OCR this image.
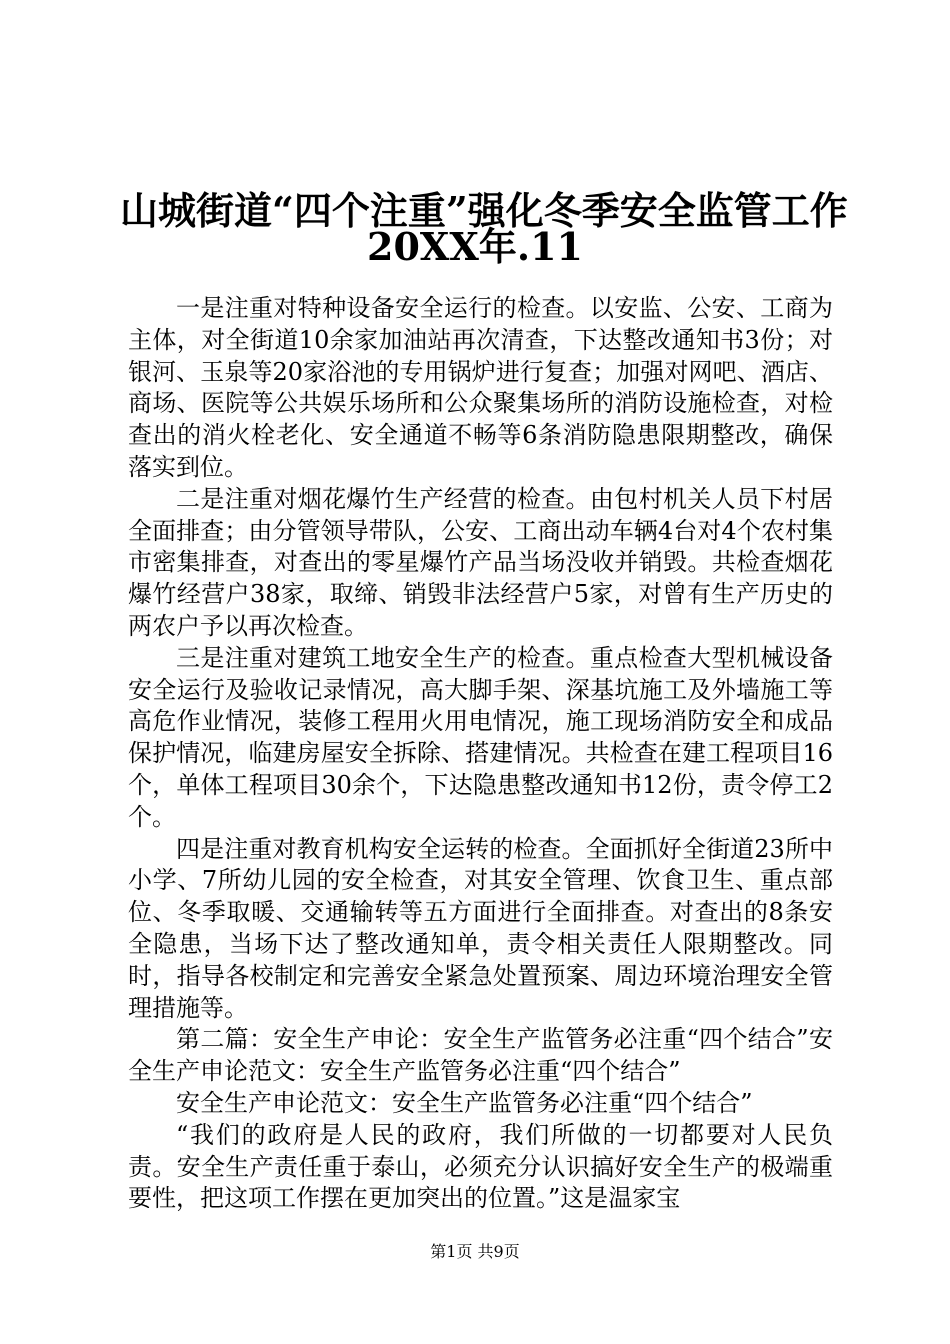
山城街道“四个注重”强化冬季安全监管工作
20XX年.11

一是注重对特种设备安全运行的检查。以安监、公安、工商为主体，对全街道10余家加油站再次清查，下达整改通知书3份；对银河、玉泉等20家浴池的专用锅炉进行复查；加强对网吧、酒店、商场、医院等公共娱乐场所和公众聚集场所的消防设施检查，对检查出的消火栓老化、安全通道不畅等6条消防隐患限期整改，确保落实到位。

二是注重对烟花爆竹生产经营的检查。由包村机关人员下村居全面排查；由分管领导带队，公安、工商出动车辆4台对4个农村集市密集排查，对查出的零星爆竹产品当场没收并销毁。共检查烟花爆竹经营户38家，取缔、销毁非法经营户5家，对曾有生产历史的两农户予以再次检查。

三是注重对建筑工地安全生产的检查。重点检查大型机械设备安全运行及验收记录情况，高大脚手架、深基坑施工及外墙施工等高危作业情况，装修工程用火用电情况，施工现场消防安全和成品保护情况，临建房屋安全拆除、搭建情况。共检查在建工程项目16个，单体工程项目30余个，下达隐患整改通知书12份，责令停工2个。

四是注重对教育机构安全运转的检查。全面抓好全街道23所中小学、7所幼儿园的安全检查，对其安全管理、饮食卫生、重点部位、冬季取暖、交通输转等五方面进行全面排查。对查出的8条安全隐患，当场下达了整改通知单，责令相关责任人限期整改。同时，指导各校制定和完善安全紧急处置预案、周边环境治理安全管理措施等。

第二篇：安全生产申论：安全生产监管务必注重“四个结合”安全生产申论范文：安全生产监管务必注重“四个结合”

安全生产申论范文：安全生产监管务必注重“四个结合”

“我们的政府是人民的政府，我们所做的一切都要对人民负责。安全生产责任重于泰山，必须充分认识搞好安全生产的极端重要性，把这项工作摆在更加突出的位置。”这是温家宝

第1页 共9页
